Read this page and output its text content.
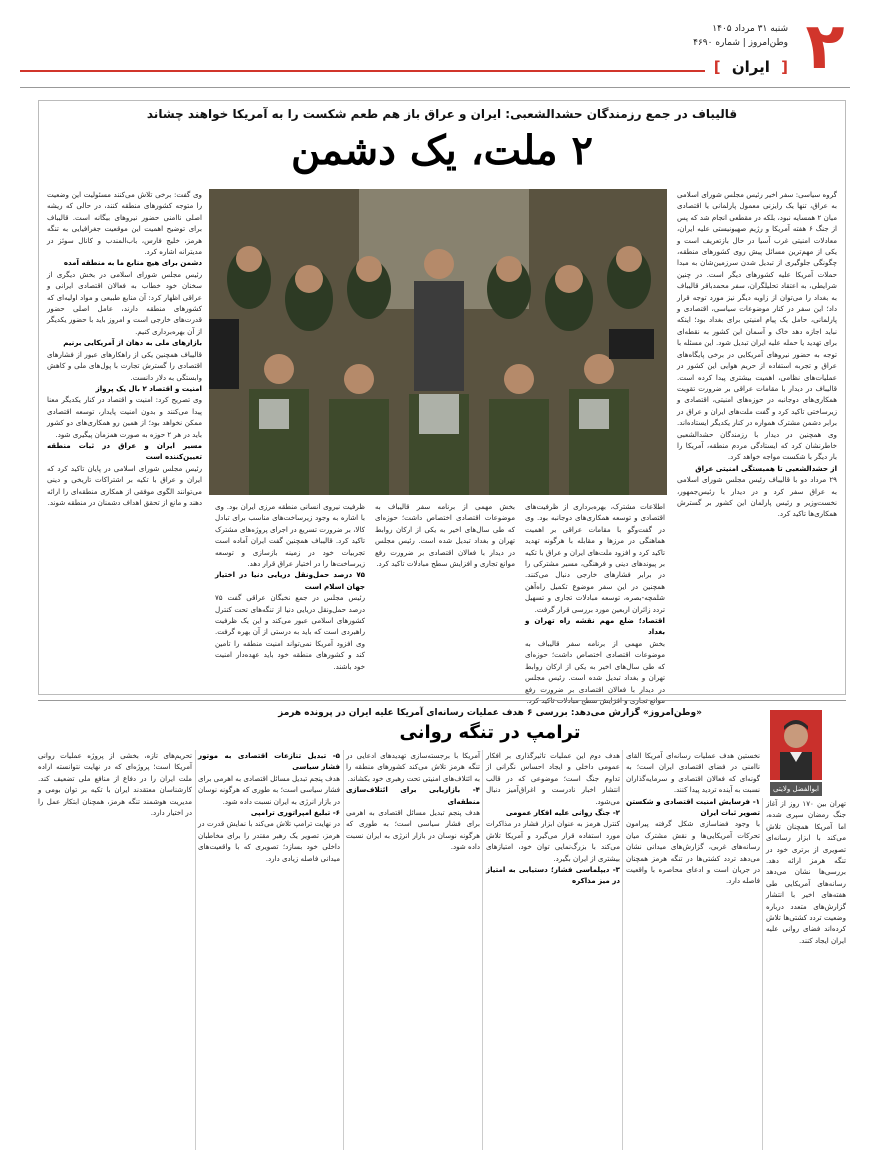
۲
شنبه ۳۱ مرداد ۱۴۰۵
وطن‌امروز | شماره ۴۶۹۰
[ ایران ]
قالیباف در جمع رزمندگان حشدالشعبی: ایران و عراق باز هم طعم شکست را به آمریکا خواهند چشاند
۲ ملت، یک دشمن
گروه سیاسی: سفر اخیر رئیس مجلس شورای اسلامی به عراق، تنها یک رایزنی معمول پارلمانی یا اقتصادی میان ۲ همسایه نبود، بلکه در مقطعی انجام شد که پس از جنگ ۶ هفته آمریکا و رژیم صهیونیستی علیه ایران، معادلات امنیتی غرب آسیا در حال بازتعریف است و یکی از مهم‌ترین مسائل پیش روی کشورهای منطقه، چگونگی جلوگیری از تبدیل شدن سرزمین‌شان به مبدا حملات آمریکا علیه کشورهای دیگر است. در چنین شرایطی، به اعتقاد تحلیلگران، سفر محمدباقر قالیباف به بغداد را می‌توان از زاویه دیگر نیز مورد توجه قرار داد؛ این سفر در کنار موضوعات سیاسی، اقتصادی و پارلمانی، حامل یک پیام امنیتی برای بغداد بود؛ اینکه نباید اجازه دهد خاک و آسمان این کشور به نقطه‌ای برای تهدید یا حمله علیه ایران تبدیل شود. این مسئله با توجه به حضور نیروهای آمریکایی در برخی پایگاه‌های عراق و تجربه استفاده از حریم هوایی این کشور در عملیات‌های نظامی، اهمیت بیشتری پیدا کرده است. قالیباف در دیدار با مقامات عراقی بر ضرورت تقویت همکاری‌های دوجانبه در حوزه‌های امنیتی، اقتصادی و زیرساختی تاکید کرد و گفت ملت‌های ایران و عراق در برابر دشمن مشترک همواره در کنار یکدیگر ایستاده‌اند. وی همچنین در دیدار با رزمندگان حشدالشعبی خاطرنشان کرد که ایستادگی مردم منطقه، آمریکا را بار دیگر با شکست مواجه خواهد کرد.
از حشدالشعبی تا همبستگی امنیتی عراق
۲۹ مرداد دو با قالیباف رئیس مجلس شورای اسلامی به عراق سفر کرد و در دیدار با رئیس‌جمهور، نخست‌وزیر و رئیس پارلمان این کشور بر گسترش همکاری‌ها تاکید کرد.
اطلاعات مشترک، بهره‌برداری از ظرفیت‌های اقتصادی و توسعه همکاری‌های دوجانبه بود. وی در گفت‌وگو با مقامات عراقی بر اهمیت هماهنگی در مرزها و مقابله با هرگونه تهدید تاکید کرد و افزود ملت‌های ایران و عراق با تکیه بر پیوندهای دینی و فرهنگی، مسیر مشترکی را در برابر فشارهای خارجی دنبال می‌کنند. همچنین در این سفر موضوع تکمیل راه‌آهن شلمچه-بصره، توسعه مبادلات تجاری و تسهیل تردد زائران اربعین مورد بررسی قرار گرفت.
اقتصاد؛ ضلع مهم نقشه راه تهران و بغداد
بخش مهمی از برنامه سفر قالیباف به موضوعات اقتصادی اختصاص داشت؛ حوزه‌ای که طی سال‌های اخیر به یکی از ارکان روابط تهران و بغداد تبدیل شده است. رئیس مجلس در دیدار با فعالان اقتصادی بر ضرورت رفع
بخش مهمی از برنامه سفر قالیباف به موضوعات اقتصادی اختصاص داشت؛ حوزه‌ای که طی سال‌های اخیر به یکی از ارکان روابط تهران و بغداد تبدیل شده است. رئیس مجلس در دیدار با فعالان اقتصادی بر ضرورت رفع موانع تجاری و افزایش سطح مبادلات تاکید کرد.
ظرفیت نیروی انسانی منطقه مرزی ایران بود. وی با اشاره به وجود زیرساخت‌های مناسب برای تبادل کالا، بر ضرورت تسریع در اجرای پروژه‌های مشترک تاکید کرد. قالیباف همچنین گفت ایران آماده است تجربیات خود در زمینه بازسازی و توسعه زیرساخت‌ها را در اختیار عراق قرار دهد.
۷۵ درصد حمل‌ونقل دریایی دنیا در اختیار جهان اسلام است
رئیس مجلس در جمع نخبگان عراقی گفت ۷۵ درصد حمل‌ونقل دریایی دنیا از تنگه‌های تحت کنترل کشورهای اسلامی عبور می‌کند و این یک ظرفیت راهبردی است که باید به درستی از آن بهره گرفت. وی افزود آمریکا نمی‌تواند امنیت منطقه را تامین کند و کشورهای منطقه خود باید عهده‌دار امنیت خود باشند.
وی گفت: برخی تلاش می‌کنند مسئولیت این وضعیت را متوجه کشورهای منطقه کنند، در حالی که ریشه اصلی ناامنی حضور نیروهای بیگانه است. قالیباف برای توضیح اهمیت این موقعیت جغرافیایی به تنگه هرمز، خلیج فارس، باب‌المندب و کانال سوئز در مدیترانه اشاره کرد.
دشمن برای هیچ منابع ما به منطقه آمده
رئیس مجلس شورای اسلامی در بخش دیگری از سخنان خود خطاب به فعالان اقتصادی ایرانی و عراقی اظهار کرد: آن منابع طبیعی و مواد اولیه‌ای که کشورهای منطقه دارند، عامل اصلی حضور قدرت‌های خارجی است و امروز باید با حضور یکدیگر از آن بهره‌برداری کنیم.
بازارهای ملی به دهان از آمریکایی برنیم
قالیباف همچنین یکی از راهکارهای عبور از فشارهای اقتصادی را گسترش تجارت با پول‌های ملی و کاهش وابستگی به دلار دانست.
امنیت و اقتصاد ۲ بال یک پرواز
وی تصریح کرد: امنیت و اقتصاد در کنار یکدیگر معنا پیدا می‌کنند و بدون امنیت پایدار، توسعه اقتصادی ممکن نخواهد بود؛ از همین رو همکاری‌های دو کشور باید در هر ۲ حوزه به صورت همزمان پیگیری شود.
مسیر ایران و عراق در ثبات منطقه تعیین‌کننده است
رئیس مجلس شورای اسلامی در پایان تاکید کرد که ایران و عراق با تکیه بر اشتراکات تاریخی و دینی می‌توانند الگوی موفقی از همکاری منطقه‌ای را ارائه دهند و مانع از تحقق اهداف دشمنان در منطقه شوند.
«وطن‌امروز» گزارش می‌دهد: بررسی ۶ هدف عملیات رسانه‌ای آمریکا علیه ایران در پرونده هرمز
ترامپ در تنگه روانی
ابوالفضل ولایتی
تهران بین ۱۷۰ روز از آغاز جنگ رمضان سپری شده، اما آمریکا همچنان تلاش می‌کند با ابزار رسانه‌ای تصویری از برتری خود در تنگه هرمز ارائه دهد. بررسی‌ها نشان می‌دهد رسانه‌های آمریکایی طی هفته‌های اخیر با انتشار گزارش‌های متعدد درباره وضعیت تردد کشتی‌ها تلاش کرده‌اند فضای روانی علیه ایران ایجاد کنند.
نخستین هدف عملیات رسانه‌ای آمریکا القای ناامنی در فضای اقتصادی ایران است؛ به گونه‌ای که فعالان اقتصادی و سرمایه‌گذاران نسبت به آینده تردید پیدا کنند.
۱- فرسایش امنیت اقتصادی و شکستن تصویر ثبات ایران
با وجود فضاسازی شکل گرفته پیرامون تحرکات آمریکایی‌ها و نقش مشترک میان رسانه‌های غربی، گزارش‌های میدانی نشان می‌دهد تردد کشتی‌ها در تنگه هرمز همچنان در جریان است و ادعای محاصره با واقعیت فاصله دارد.
هدف دوم این عملیات تاثیرگذاری بر افکار عمومی داخلی و ایجاد احساس نگرانی از تداوم جنگ است؛ موضوعی که در قالب انتشار اخبار نادرست و اغراق‌آمیز دنبال می‌شود.
۲- جنگ روانی علیه افکار عمومی
کنترل هرمز به عنوان ابزار فشار در مذاکرات مورد استفاده قرار می‌گیرد و آمریکا تلاش می‌کند با بزرگ‌نمایی توان خود، امتیازهای بیشتری از ایران بگیرد.
۳- دیپلماسی فشار؛ دستیابی به امتیاز در میز مذاکره
آمریکا با برجسته‌سازی تهدیدهای ادعایی در تنگه هرمز تلاش می‌کند کشورهای منطقه را به ائتلاف‌های امنیتی تحت رهبری خود بکشاند.
۴- بازاریابی برای ائتلاف‌سازی منطقه‌ای
هدف پنجم تبدیل مسائل اقتصادی به اهرمی برای فشار سیاسی است؛ به طوری که هرگونه نوسان در بازار انرژی به ایران نسبت داده شود.
۵- تبدیل تنازعات اقتصادی به موتور فشار سیاسی
هدف پنجم تبدیل مسائل اقتصادی به اهرمی برای فشار سیاسی است؛ به طوری که هرگونه نوسان در بازار انرژی به ایران نسبت داده شود.
۶- تبلیغ امپراتوری ترامپی
در نهایت ترامپ تلاش می‌کند با نمایش قدرت در هرمز، تصویر یک رهبر مقتدر را برای مخاطبان داخلی خود بسازد؛ تصویری که با واقعیت‌های میدانی فاصله زیادی دارد.
تحریم‌های تازه، بخشی از پروژه عملیات روانی آمریکا است؛ پروژه‌ای که در نهایت نتوانسته اراده ملت ایران را در دفاع از منافع ملی تضعیف کند. کارشناسان معتقدند ایران با تکیه بر توان بومی و مدیریت هوشمند تنگه هرمز، همچنان ابتکار عمل را در اختیار دارد.
